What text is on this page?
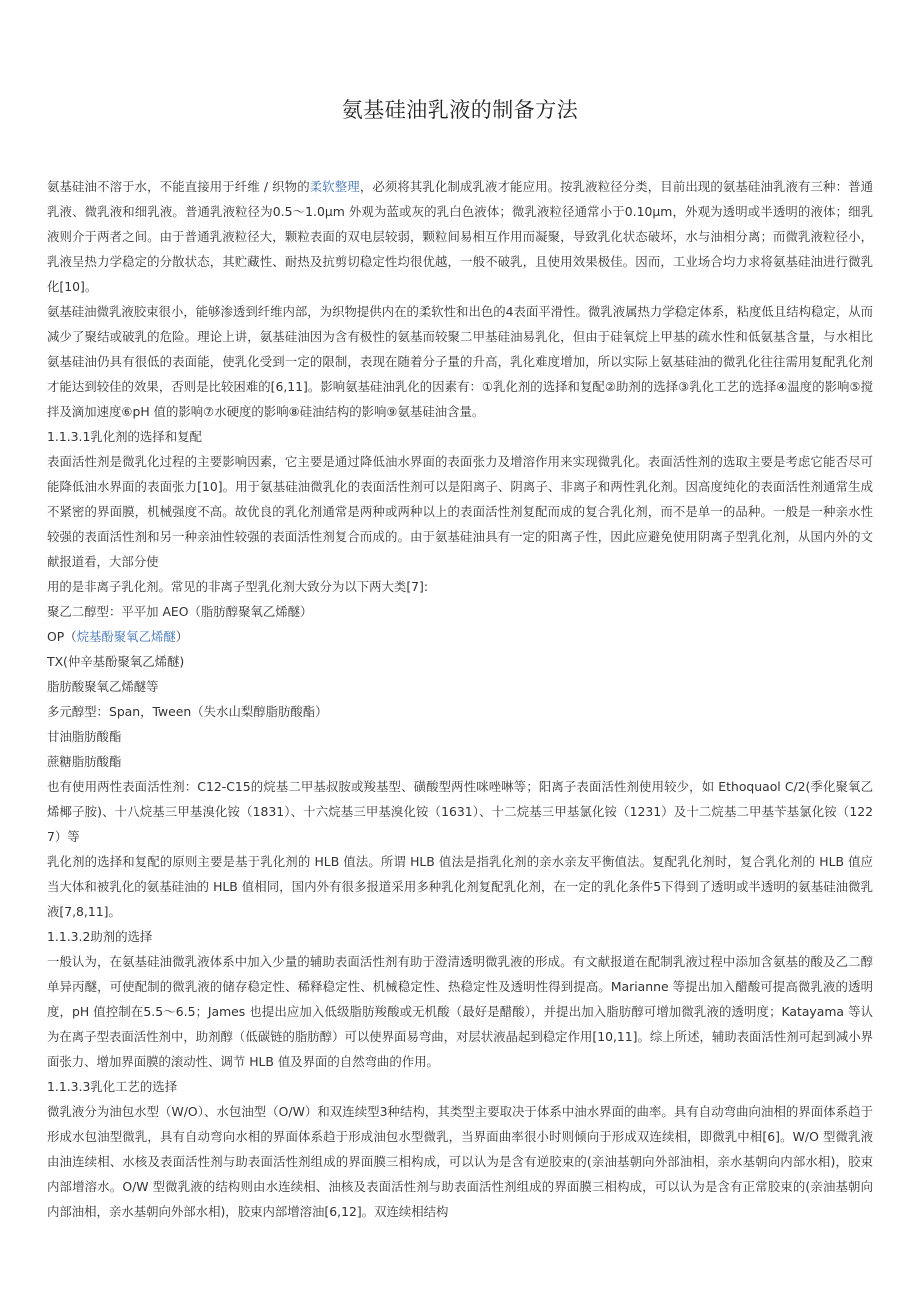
氨基硅油乳液的制备方法

氨基硅油不溶于水，不能直接用于纤维 / 织物的柔软整理，必须将其乳化制成乳液才能应用。按乳液粒径分类，目前出现的氨基硅油乳液有三种：普通乳液、微乳液和细乳液。普通乳液粒径为0.5～1.0μm 外观为蓝或灰的乳白色液体；微乳液粒径通常小于0.10μm，外观为透明或半透明的液体；细乳液则介于两者之间。由于普通乳液粒径大，颗粒表面的双电层较弱，颗粒间易相互作用而凝聚，导致乳化状态破坏，水与油相分离；而微乳液粒径小，乳液呈热力学稳定的分散状态，其贮藏性、耐热及抗剪切稳定性均很优越，一般不破乳，且使用效果极佳。因而，工业场合均力求将氨基硅油进行微乳化[10]。

氨基硅油微乳液胶束很小，能够渗透到纤维内部，为织物提供内在的柔软性和出色的4表面平滑性。微乳液属热力学稳定体系，粘度低且结构稳定，从而减少了聚结或破乳的危险。理论上讲，氨基硅油因为含有极性的氨基而较聚二甲基硅油易乳化，但由于硅氧烷上甲基的疏水性和低氨基含量，与水相比氨基硅油仍具有很低的表面能，使乳化受到一定的限制，表现在随着分子量的升高，乳化难度增加，所以实际上氨基硅油的微乳化往往需用复配乳化剂才能达到较佳的效果，否则是比较困难的[6,11]。影响氨基硅油乳化的因素有：①乳化剂的选择和复配②助剂的选择③乳化工艺的选择④温度的影响⑤搅拌及滴加速度⑥pH 值的影响⑦水硬度的影响⑧硅油结构的影响⑨氨基硅油含量。

1.1.3.1乳化剂的选择和复配

表面活性剂是微乳化过程的主要影响因素，它主要是通过降低油水界面的表面张力及增溶作用来实现微乳化。表面活性剂的选取主要是考虑它能否尽可能降低油水界面的表面张力[10]。用于氨基硅油微乳化的表面活性剂可以是阳离子、阴离子、非离子和两性乳化剂。因高度纯化的表面活性剂通常生成不紧密的界面膜，机械强度不高。故优良的乳化剂通常是两种或两种以上的表面活性剂复配而成的复合乳化剂，而不是单一的品种。一般是一种亲水性较强的表面活性剂和另一种亲油性较强的表面活性剂复合而成的。由于氨基硅油具有一定的阳离子性，因此应避免使用阴离子型乳化剂，从国内外的文献报道看，大部分使

用的是非离子乳化剂。常见的非离子型乳化剂大致分为以下两大类[7]:

聚乙二醇型：平平加 AEO（脂肪醇聚氧乙烯醚）

OP（烷基酚聚氧乙烯醚）

TX(仲辛基酚聚氧乙烯醚)

脂肪酸聚氧乙烯醚等

多元醇型：Span，Tween（失水山梨醇脂肪酸酯）

甘油脂肪酸酯

蔗糖脂肪酸酯

也有使用两性表面活性剂：C12-C15的烷基二甲基叔胺或羧基型、磺酸型两性咪唑啉等；阳离子表面活性剂使用较少，如 Ethoquaol C/2(季化聚氧乙烯椰子胺)、十八烷基三甲基溴化铵（1831）、十六烷基三甲基溴化铵（1631）、十二烷基三甲基氯化铵（1231）及十二烷基二甲基苄基氯化铵（1227）等

乳化剂的选择和复配的原则主要是基于乳化剂的 HLB 值法。所谓 HLB 值法是指乳化剂的亲水亲友平衡值法。复配乳化剂时，复合乳化剂的 HLB 值应当大体和被乳化的氨基硅油的 HLB 值相同，国内外有很多报道采用多种乳化剂复配乳化剂，在一定的乳化条件5下得到了透明或半透明的氨基硅油微乳液[7,8,11]。

1.1.3.2助剂的选择

一般认为，在氨基硅油微乳液体系中加入少量的辅助表面活性剂有助于澄清透明微乳液的形成。有文献报道在配制乳液过程中添加含氨基的酸及乙二醇单异丙醚，可使配制的微乳液的储存稳定性、稀释稳定性、机械稳定性、热稳定性及透明性得到提高。Marianne 等提出加入醋酸可提高微乳液的透明度，pH 值控制在5.5～6.5；James 也提出应加入低级脂肪羧酸或无机酸（最好是醋酸），并提出加入脂肪醇可增加微乳液的透明度；Katayama 等认为在离子型表面活性剂中，助剂醇（低碳链的脂肪醇）可以使界面易弯曲，对层状液晶起到稳定作用[10,11]。综上所述，辅助表面活性剂可起到减小界面张力、增加界面膜的滚动性、调节 HLB 值及界面的自然弯曲的作用。

1.1.3.3乳化工艺的选择

微乳液分为油包水型（W/O）、水包油型（O/W）和双连续型3种结构，其类型主要取决于体系中油水界面的曲率。具有自动弯曲向油相的界面体系趋于形成水包油型微乳，具有自动弯向水相的界面体系趋于形成油包水型微乳，当界面曲率很小时则倾向于形成双连续相，即微乳中相[6]。W/O 型微乳液由油连续相、水核及表面活性剂与助表面活性剂组成的界面膜三相构成，可以认为是含有逆胶束的(亲油基朝向外部油相，亲水基朝向内部水相)，胶束内部增溶水。O/W 型微乳液的结构则由水连续相、油核及表面活性剂与助表面活性剂组成的界面膜三相构成，可以认为是含有正常胶束的(亲油基朝向内部油相，亲水基朝向外部水相)，胶束内部增溶油[6,12]。双连续相结构
